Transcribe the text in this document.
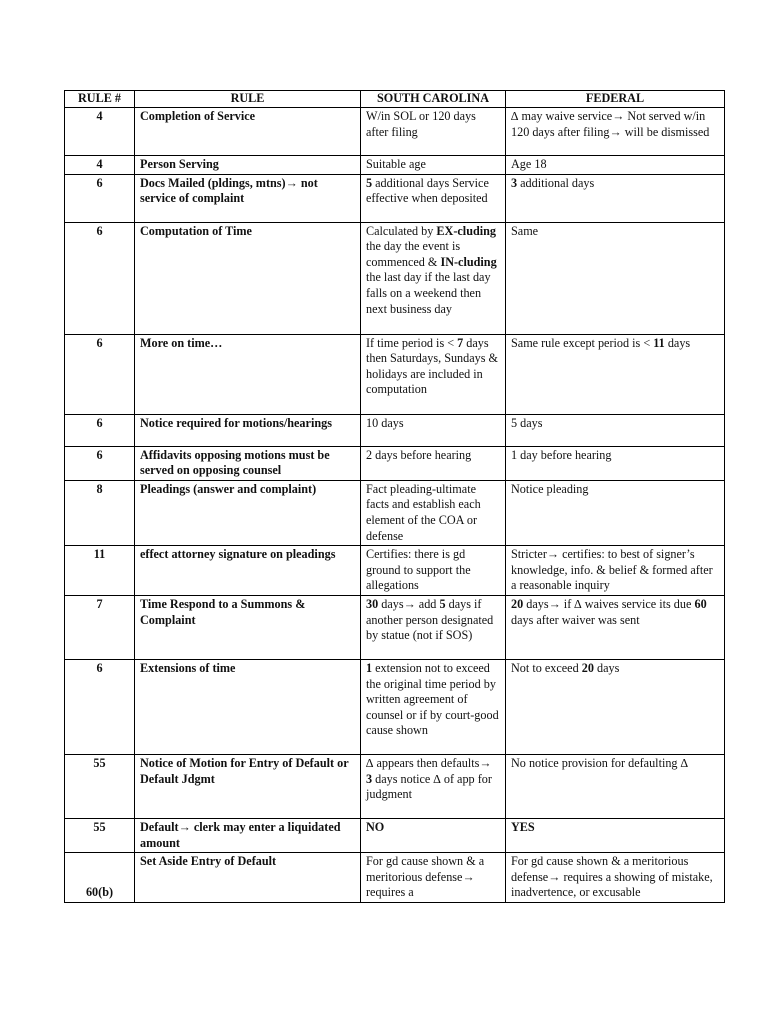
RULE #	RULE	SOUTH CAROLINA	FEDERAL
4	Completion of Service	W/in SOL or 120 days after filing	∆ may waive service→ Not served w/in 120 days after filing→ will be dismissed
4	Person Serving	Suitable age	Age 18
6	Docs Mailed (pldings, mtns)→ not service of complaint	5 additional days Service effective when deposited	3 additional days
6	Computation of Time	Calculated by EX-cluding the day the event is commenced & IN-cluding the last day if the last day falls on a weekend then next business day	Same
6	More on time…	If time period is < 7 days then Saturdays, Sundays & holidays are included in computation	Same rule except period is < 11 days
6	Notice required for motions/hearings	10 days	5 days
6	Affidavits opposing motions must be served on opposing counsel	2 days before hearing	1 day before hearing
8	Pleadings (answer and complaint)	Fact pleading-ultimate facts and establish each element of the COA or defense	Notice pleading
11	effect attorney signature on pleadings	Certifies: there is gd ground to support the allegations	Stricter→ certifies: to best of signer’s knowledge, info. & belief & formed after a reasonable inquiry
7	Time Respond to a Summons & Complaint	30 days→ add 5 days if another person designated by statue (not if SOS)	20 days→ if ∆ waives service its due 60 days after waiver was sent
6	Extensions of time	1 extension not to exceed the original time period by written agreement of counsel or if by court-good cause shown	Not to exceed 20 days
55	Notice of Motion for Entry of Default or Default Jdgmt	∆ appears then defaults→ 3 days notice ∆ of app for judgment	No notice provision for defaulting ∆
55	Default→ clerk may enter a liquidated amount	NO	YES
60(b)	Set Aside Entry of Default	For gd cause shown & a meritorious defense→ requires a	For gd cause shown & a meritorious defense→ requires a showing of mistake, inadvertence, or excusable
